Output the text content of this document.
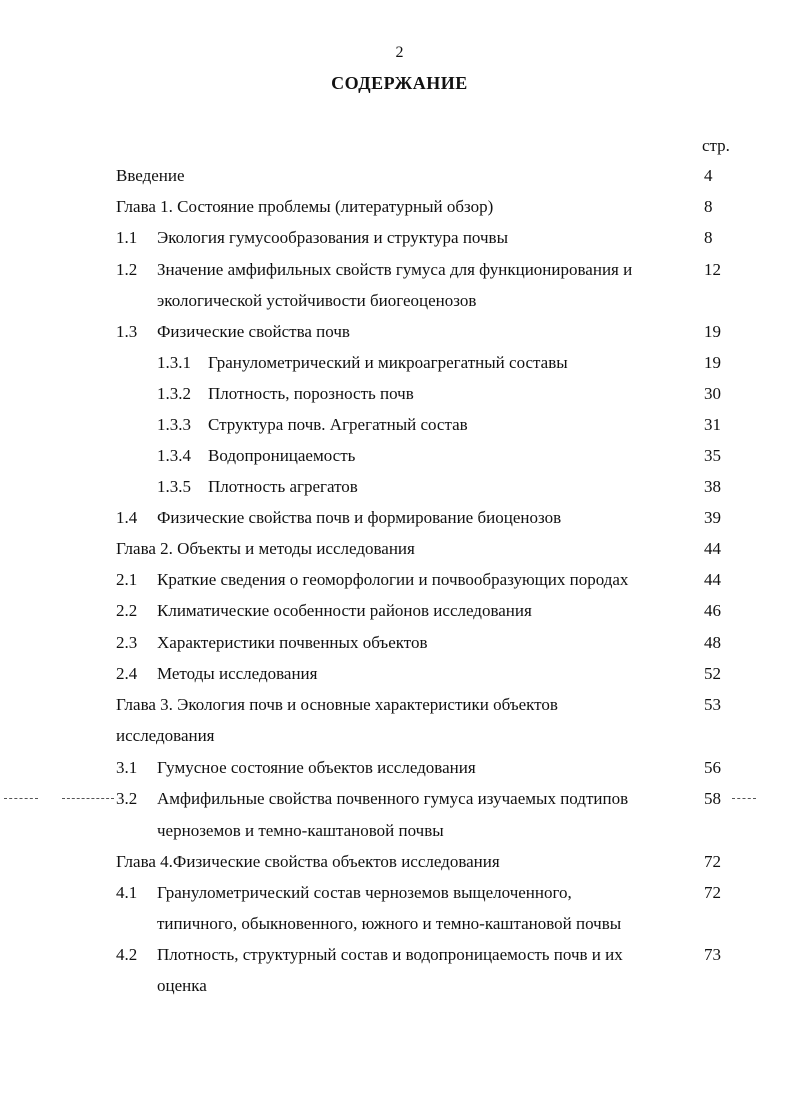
2
СОДЕРЖАНИЕ
стр.
Введение	4
Глава 1. Состояние проблемы (литературный обзор)	8
1.1 Экология гумусообразования и структура почвы	8
1.2 Значение амфифильных свойств гумуса для функционирования и	12
экологической устойчивости биогеоценозов
1.3 Физические свойства почв	19
1.3.1 Гранулометрический и микроагрегатный составы	19
1.3.2 Плотность, порозность почв	30
1.3.3 Структура почв. Агрегатный состав	31
1.3.4 Водопроницаемость	35
1.3.5 Плотность агрегатов	38
1.4 Физические свойства почв и формирование биоценозов	39
Глава 2. Объекты и методы исследования	44
2.1 Краткие сведения о геоморфологии и почвообразующих породах	44
2.2 Климатические особенности районов исследования	46
2.3 Характеристики почвенных объектов	48
2.4 Методы исследования	52
Глава 3. Экология почв и основные характеристики объектов	53
исследования
3.1 Гумусное состояние объектов исследования	56
3.2 Амфифильные свойства почвенного гумуса изучаемых подтипов	58
черноземов и темно-каштановой почвы
Глава 4.Физические свойства объектов исследования	72
4.1 Гранулометрический состав черноземов выщелоченного,	72
типичного, обыкновенного, южного и темно-каштановой почвы
4.2 Плотность, структурный состав и водопроницаемость почв и их	73
оценка
